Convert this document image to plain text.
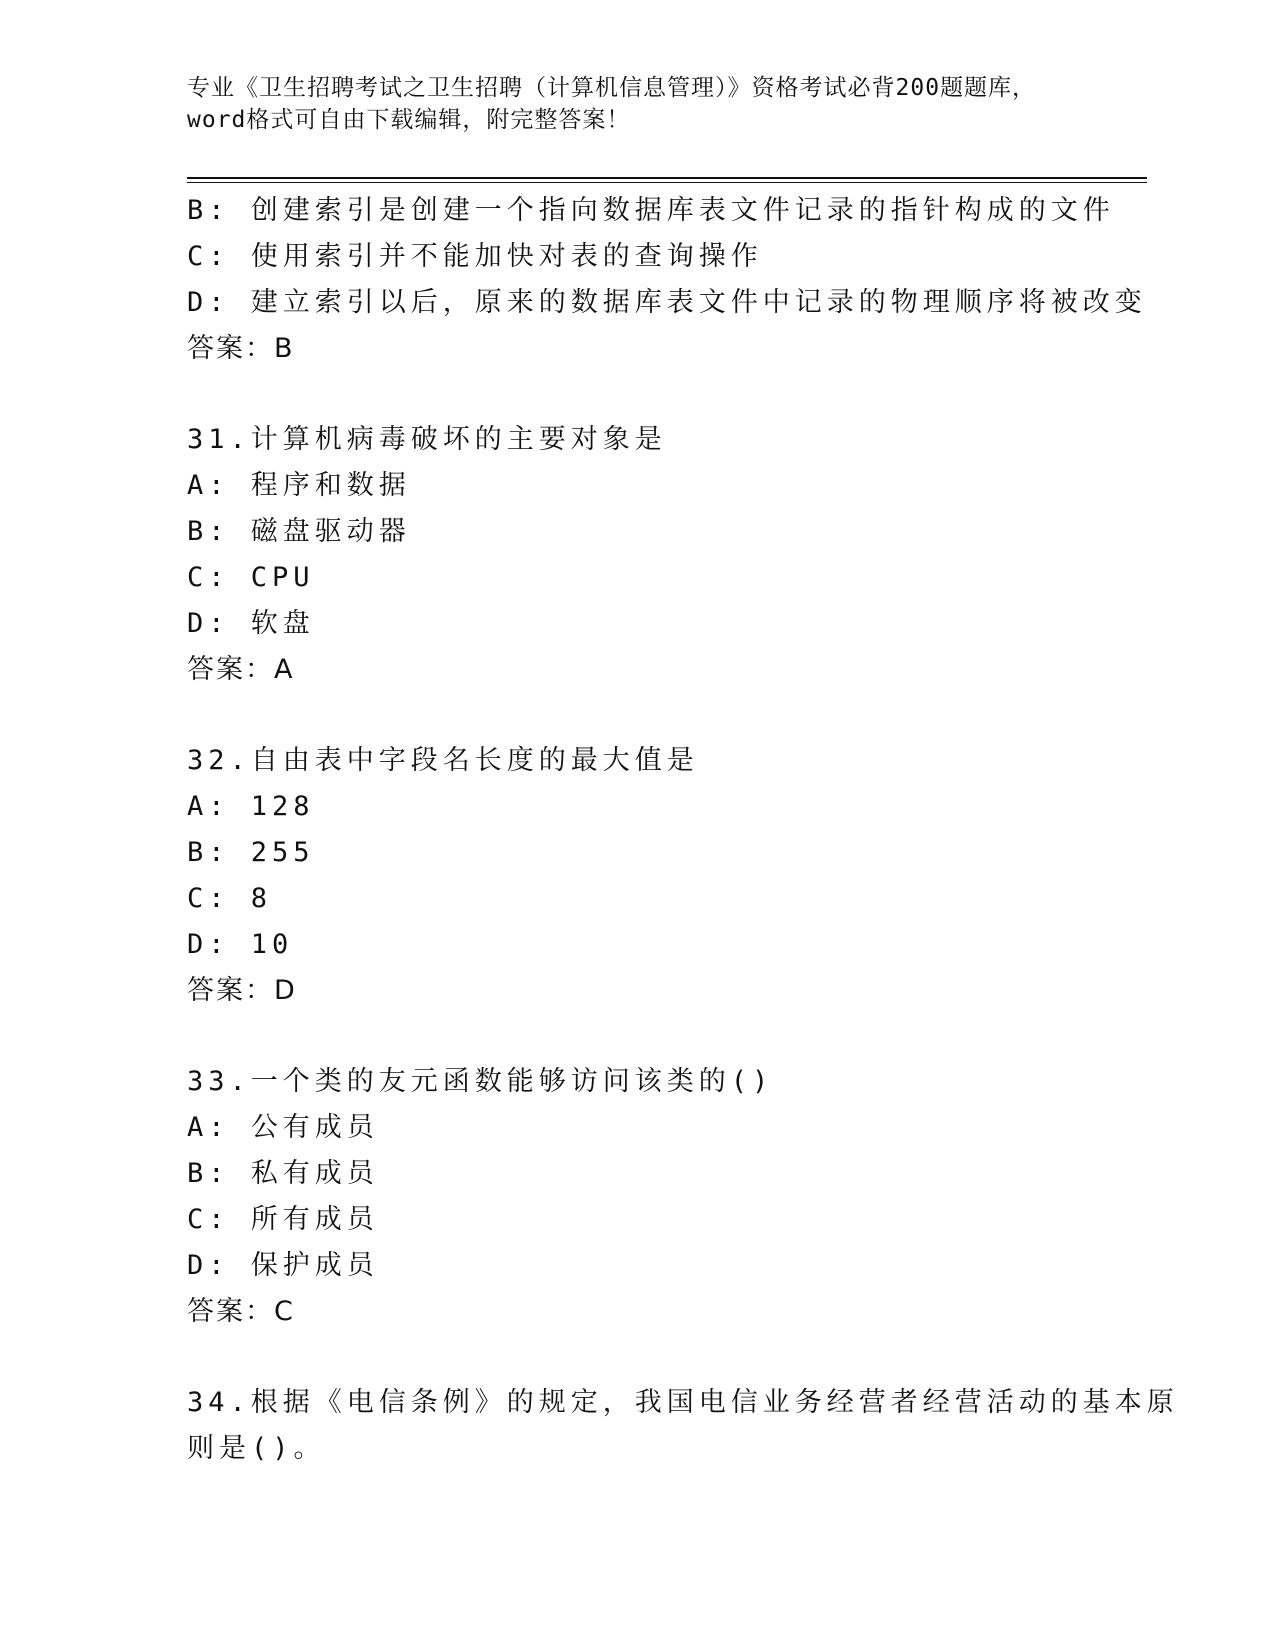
专业《卫生招聘考试之卫生招聘（计算机信息管理）》资格考试必背200题题库，
word格式可自由下载编辑，附完整答案！
B: 创建索引是创建一个指向数据库表文件记录的指针构成的文件
C: 使用索引并不能加快对表的查询操作
D: 建立索引以后，原来的数据库表文件中记录的物理顺序将被改变
答案：B
31.计算机病毒破坏的主要对象是
A: 程序和数据
B: 磁盘驱动器
C: CPU
D: 软盘
答案：A
32.自由表中字段名长度的最大值是
A: 128
B: 255
C: 8
D: 10
答案：D
33.一个类的友元函数能够访问该类的()
A: 公有成员
B: 私有成员
C: 所有成员
D: 保护成员
答案：C
34.根据《电信条例》的规定，我国电信业务经营者经营活动的基本原
则是()。
